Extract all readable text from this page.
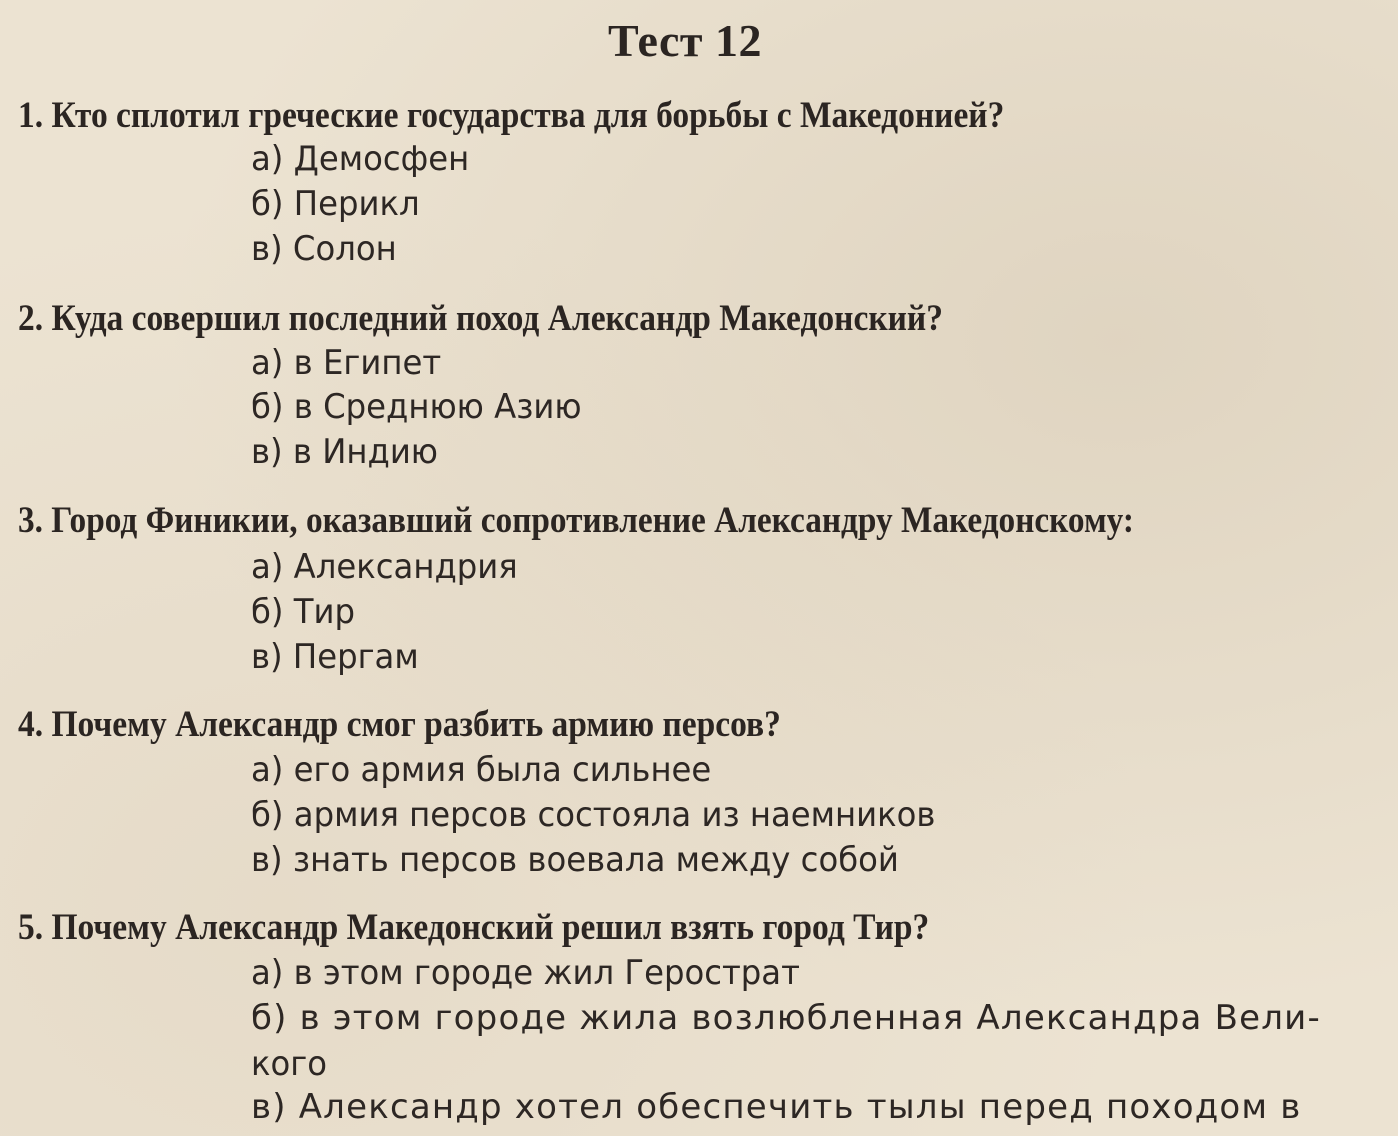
Тест 12
1. Кто сплотил греческие государства для борьбы с Македонией?
а) Демосфен
б) Перикл
в) Солон
2. Куда совершил последний поход Александр Македонский?
а) в Египет
б) в Среднюю Азию
в) в Индию
3. Город Финикии, оказавший сопротивление Александру Македонскому:
а) Александрия
б) Тир
в) Пергам
4. Почему Александр смог разбить армию персов?
а) его армия была сильнее
б) армия персов состояла из наемников
в) знать персов воевала между собой
5. Почему Александр Македонский решил взять город Тир?
а) в этом городе жил Герострат
б) в этом городе жила возлюбленная Александра Вели-
кого
в) Александр хотел обеспечить тылы перед походом в
